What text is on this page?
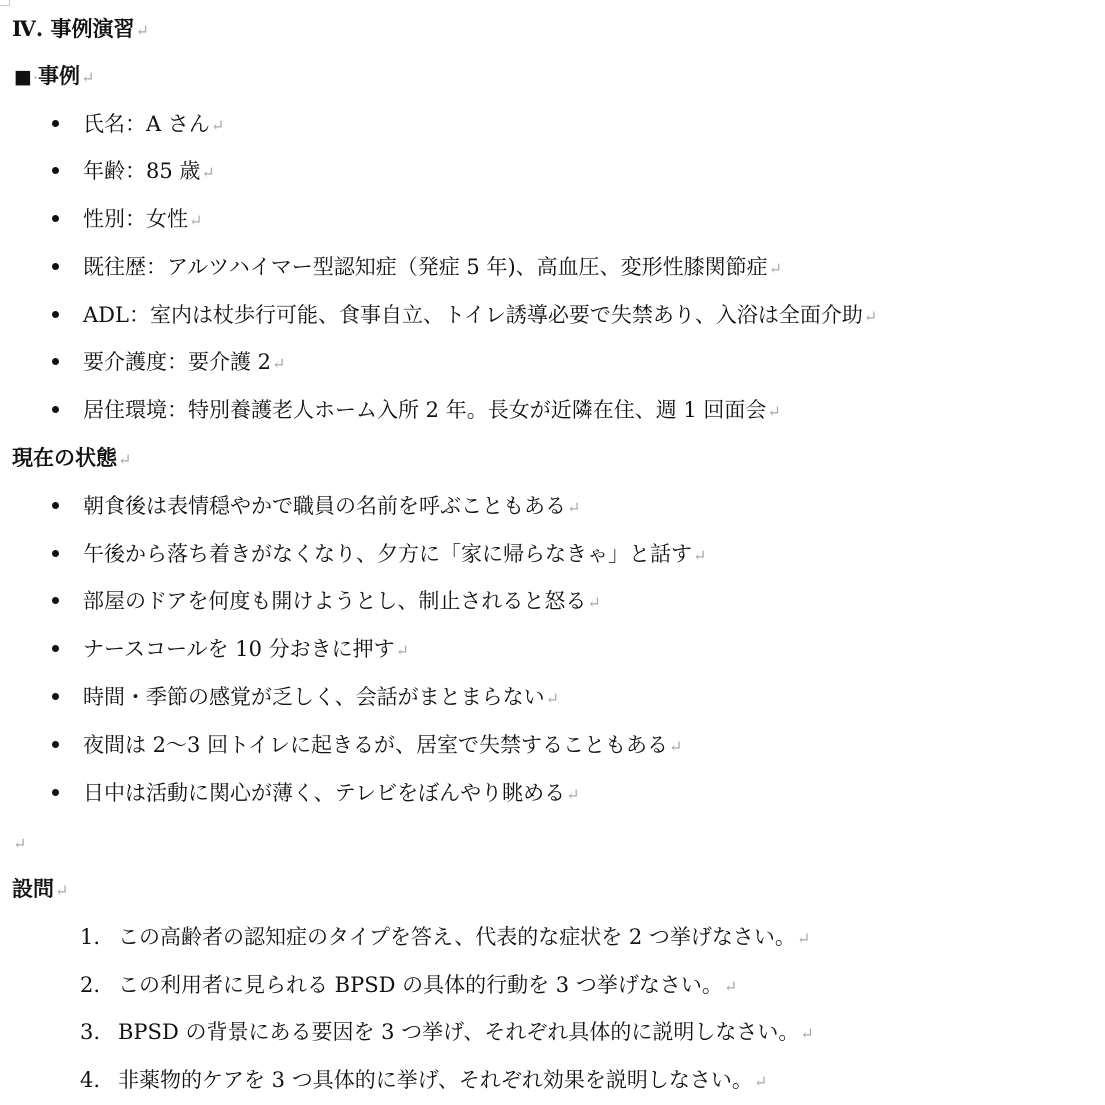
Ⅳ. 事例演習↵
■·事例↵
氏名：A さん↵
年齢：85 歳↵
性別：女性↵
既往歴：アルツハイマー型認知症（発症 5 年)、高血圧、変形性膝関節症↵
ADL：室内は杖歩行可能、食事自立、トイレ誘導必要で失禁あり、入浴は全面介助↵
要介護度：要介護 2↵
居住環境：特別養護老人ホーム入所 2 年。長女が近隣在住、週 1 回面会↵
現在の状態↵
朝食後は表情穏やかで職員の名前を呼ぶこともある↵
午後から落ち着きがなくなり、夕方に「家に帰らなきゃ」と話す↵
部屋のドアを何度も開けようとし、制止されると怒る↵
ナースコールを 10 分おきに押す↵
時間・季節の感覚が乏しく、会話がまとまらない↵
夜間は 2〜3 回トイレに起きるが、居室で失禁することもある↵
日中は活動に関心が薄く、テレビをぼんやり眺める↵
↵
設問↵
1. この高齢者の認知症のタイプを答え、代表的な症状を 2 つ挙げなさい。↵
2. この利用者に見られる BPSD の具体的行動を 3 つ挙げなさい。↵
3. BPSD の背景にある要因を 3 つ挙げ、それぞれ具体的に説明しなさい。↵
4. 非薬物的ケアを 3 つ具体的に挙げ、それぞれ効果を説明しなさい。↵
